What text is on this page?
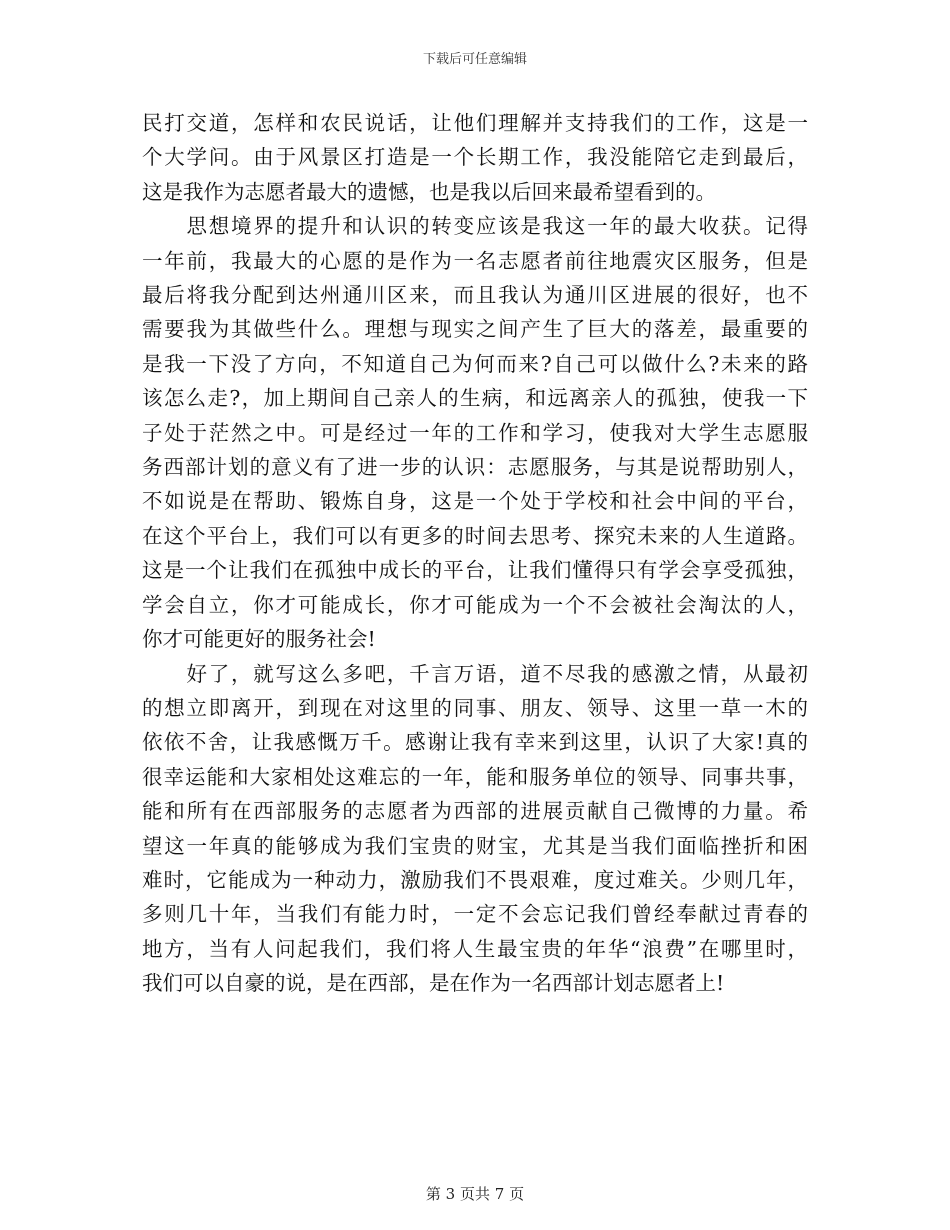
下载后可任意编辑

民打交道，怎样和农民说话，让他们理解并支持我们的工作，这是一
个大学问。由于风景区打造是一个长期工作，我没能陪它走到最后，
这是我作为志愿者最大的遗憾，也是我以后回来最希望看到的。

　　思想境界的提升和认识的转变应该是我这一年的最大收获。记得
一年前，我最大的心愿的是作为一名志愿者前往地震灾区服务，但是
最后将我分配到达州通川区来，而且我认为通川区进展的很好，也不
需要我为其做些什么。理想与现实之间产生了巨大的落差，最重要的
是我一下没了方向，不知道自己为何而来?自己可以做什么?未来的路
该怎么走?，加上期间自己亲人的生病，和远离亲人的孤独，使我一下
子处于茫然之中。可是经过一年的工作和学习，使我对大学生志愿服
务西部计划的意义有了进一步的认识：志愿服务，与其是说帮助别人，
不如说是在帮助、锻炼自身，这是一个处于学校和社会中间的平台，
在这个平台上，我们可以有更多的时间去思考、探究未来的人生道路。
这是一个让我们在孤独中成长的平台，让我们懂得只有学会享受孤独，
学会自立，你才可能成长，你才可能成为一个不会被社会淘汰的人，
你才可能更好的服务社会!

　　好了，就写这么多吧，千言万语，道不尽我的感激之情，从最初
的想立即离开，到现在对这里的同事、朋友、领导、这里一草一木的
依依不舍，让我感慨万千。感谢让我有幸来到这里，认识了大家!真的
很幸运能和大家相处这难忘的一年，能和服务单位的领导、同事共事，
能和所有在西部服务的志愿者为西部的进展贡献自己微博的力量。希
望这一年真的能够成为我们宝贵的财宝，尤其是当我们面临挫折和困
难时，它能成为一种动力，激励我们不畏艰难，度过难关。少则几年，
多则几十年，当我们有能力时，一定不会忘记我们曾经奉献过青春的
地方，当有人问起我们，我们将人生最宝贵的年华“浪费”在哪里时，
我们可以自豪的说，是在西部，是在作为一名西部计划志愿者上!

第 3 页共 7 页
